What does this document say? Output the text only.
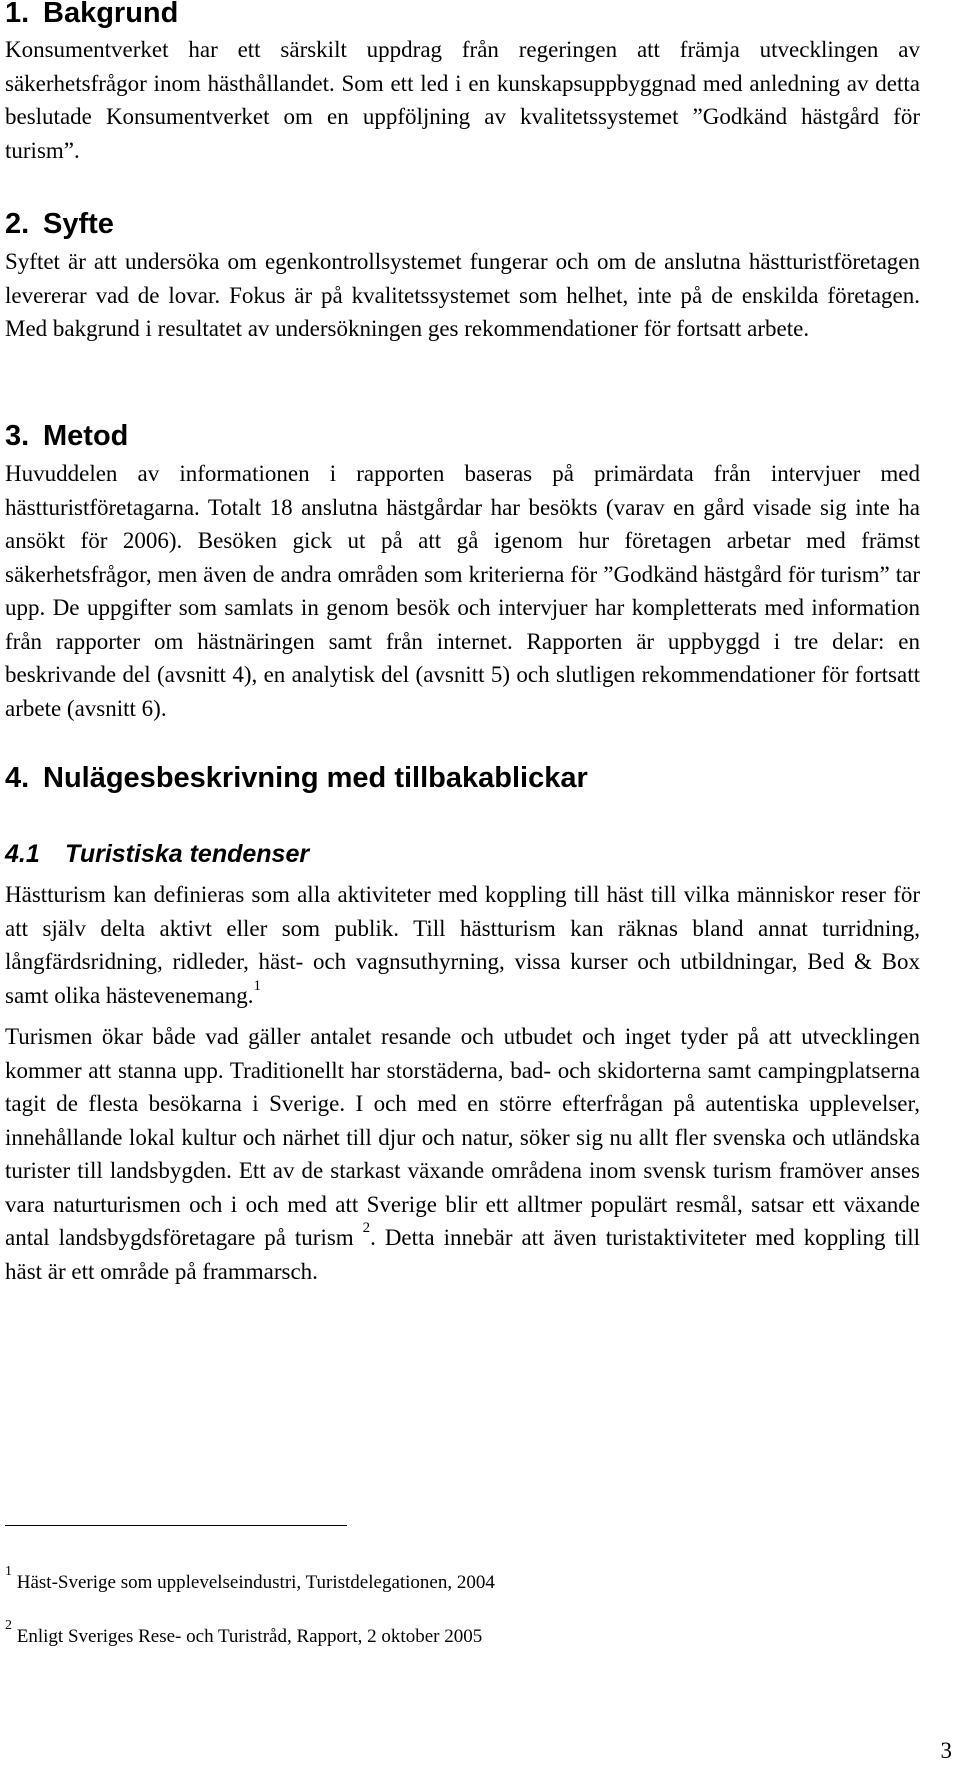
1. Bakgrund

Konsumentverket har ett särskilt uppdrag från regeringen att främja utvecklingen av säkerhetsfrågor inom hästhållandet. Som ett led i en kunskapsuppbyggnad med anledning av detta beslutade Konsumentverket om en uppföljning av kvalitetssystemet ”Godkänd hästgård för turism”.

2. Syfte

Syftet är att undersöka om egenkontrollsystemet fungerar och om de anslutna hästturistföretagen levererar vad de lovar. Fokus är på kvalitetssystemet som helhet, inte på de enskilda företagen. Med bakgrund i resultatet av undersökningen ges rekommendationer för fortsatt arbete.

3. Metod

Huvuddelen av informationen i rapporten baseras på primärdata från intervjuer med hästturistföretagarna. Totalt 18 anslutna hästgårdar har besökts (varav en gård visade sig inte ha ansökt för 2006). Besöken gick ut på att gå igenom hur företagen arbetar med främst säkerhetsfrågor, men även de andra områden som kriterierna för ”Godkänd hästgård för turism” tar upp. De uppgifter som samlats in genom besök och intervjuer har kompletterats med information från rapporter om hästnäringen samt från internet. Rapporten är uppbyggd i tre delar: en beskrivande del (avsnitt 4), en analytisk del (avsnitt 5) och slutligen rekommendationer för fortsatt arbete (avsnitt 6).

4. Nulägesbeskrivning med tillbakablickar
4.1 Turistiska tendenser

Hästturism kan definieras som alla aktiviteter med koppling till häst till vilka människor reser för att själv delta aktivt eller som publik. Till hästturism kan räknas bland annat turridning, långfärdsridning, ridleder, häst- och vagnsuthyrning, vissa kurser och utbildningar, Bed & Box samt olika hästevenemang.$^1$

Turismen ökar både vad gäller antalet resande och utbudet och inget tyder på att utvecklingen kommer att stanna upp. Traditionellt har storstäderna, bad- och skidorterna samt campingplatserna tagit de flesta besökarna i Sverige. I och med en större efterfrågan på autentiska upplevelser, innehållande lokal kultur och närhet till djur och natur, söker sig nu allt fler svenska och utländska turister till landsbygden. Ett av de starkast växande områdena inom svensk turism framöver anses vara naturturismen och i och med att Sverige blir ett alltmer populärt resmål, satsar ett växande antal landsbygdsföretagare på turism $^2$. Detta innebär att även turistaktiviteter med koppling till häst är ett område på frammarsch.

$^1$ Häst-Sverige som upplevelseindustri, Turistdelegationen, 2004
$^2$ Enligt Sveriges Rese- och Turistråd, Rapport, 2 oktober 2005
3
